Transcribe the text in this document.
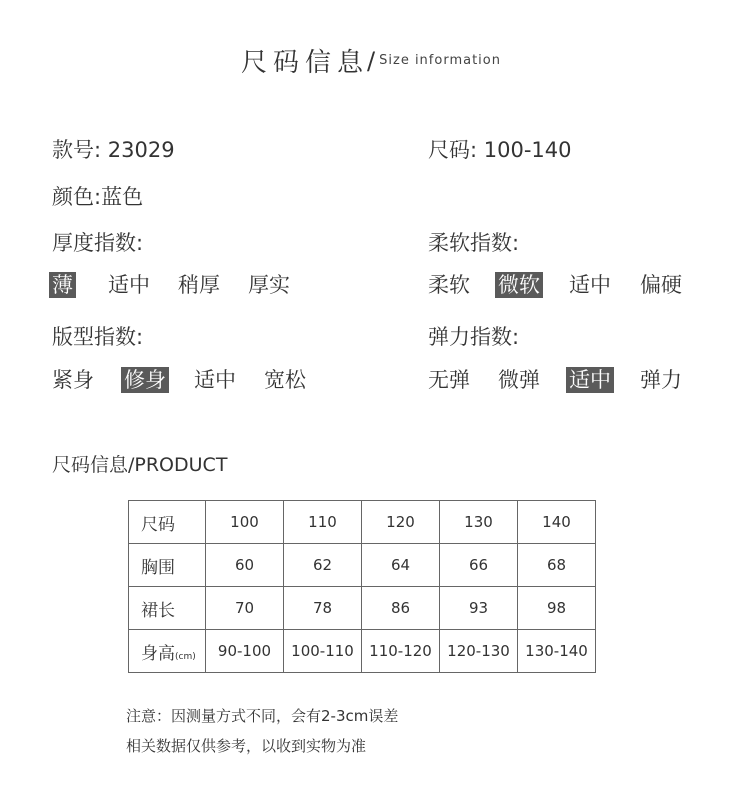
尺码信息/ Size information
款号: 23029	尺码: 100-140
颜色:蓝色
厚度指数:	柔软指数:
版型指数:	弹力指数:
薄 适中 稍厚 厚实	柔软 微软 适中 偏硬
紧身 修身 适中 宽松	无弹 微弹 适中 弹力
尺码信息/PRODUCT
尺码	100	110	120	130	140
胸围	60	62	64	66	68
裙长	70	78	86	93	98
身高(cm)	90-100	100-110	110-120	120-130	130-140
注意：因测量方式不同，会有2-3cm误差
相关数据仅供参考，以收到实物为准
